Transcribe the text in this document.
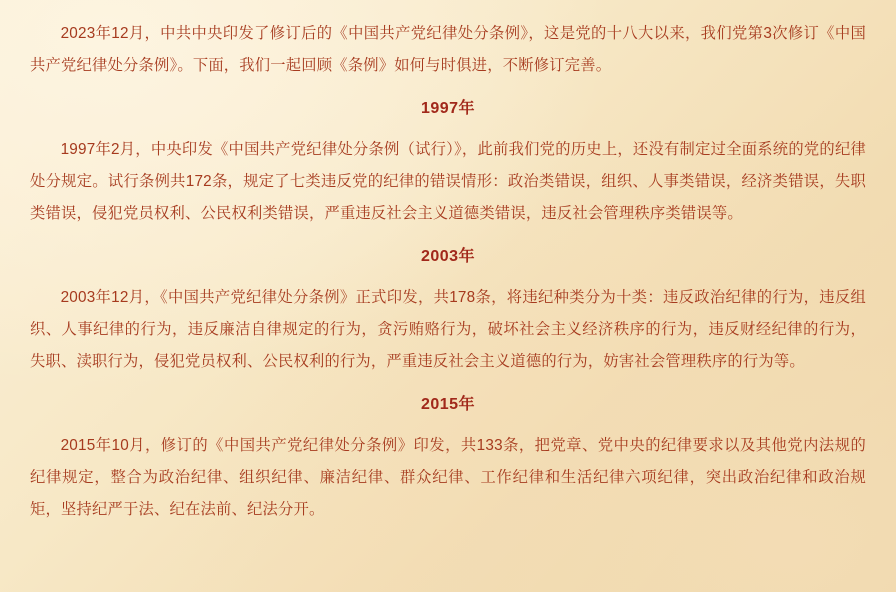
2023年12月，中共中央印发了修订后的《中国共产党纪律处分条例》，这是党的十八大以来，我们党第3次修订《中国共产党纪律处分条例》。下面，我们一起回顾《条例》如何与时俱进，不断修订完善。

1997年

1997年2月，中央印发《中国共产党纪律处分条例（试行）》，此前我们党的历史上，还没有制定过全面系统的党的纪律处分规定。试行条例共172条，规定了七类违反党的纪律的错误情形：政治类错误，组织、人事类错误，经济类错误，失职类错误，侵犯党员权利、公民权利类错误，严重违反社会主义道德类错误，违反社会管理秩序类错误等。

2003年

2003年12月，《中国共产党纪律处分条例》正式印发，共178条，将违纪种类分为十类：违反政治纪律的行为，违反组织、人事纪律的行为，违反廉洁自律规定的行为，贪污贿赂行为，破坏社会主义经济秩序的行为，违反财经纪律的行为，失职、渎职行为，侵犯党员权利、公民权利的行为，严重违反社会主义道德的行为，妨害社会管理秩序的行为等。

2015年

2015年10月，修订的《中国共产党纪律处分条例》印发，共133条，把党章、党中央的纪律要求以及其他党内法规的纪律规定，整合为政治纪律、组织纪律、廉洁纪律、群众纪律、工作纪律和生活纪律六项纪律，突出政治纪律和政治规矩，坚持纪严于法、纪在法前、纪法分开。
